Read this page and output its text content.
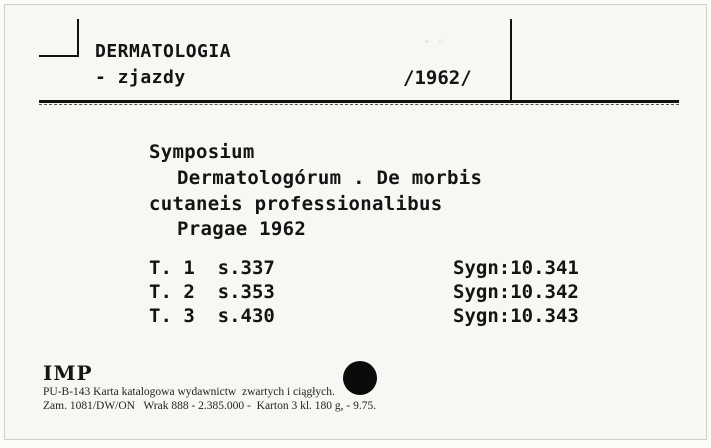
· ◦
DERMATOLOGIA
- zjazdy	/1962/
Symposium
Dermatologórum . De morbis
cutaneis professionalibus
Pragae 1962
T. 1  s.337
T. 2  s.353
T. 3  s.430
Sygn:10.341
Sygn:10.342
Sygn:10.343
IMP
PU-B-143 Karta katalogowa wydawnictw  zwartych i ciągłych.
Zam. 1081/DW/ON   Wrak 888 - 2.385.000 -  Karton 3 kl. 180 g, - 9.75.
